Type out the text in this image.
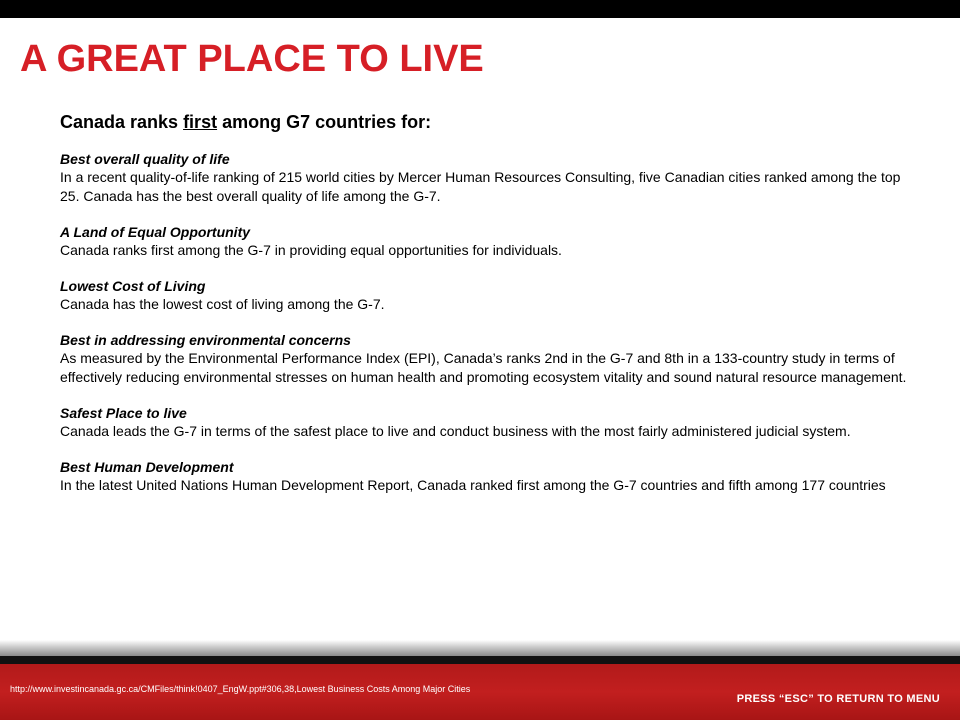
A GREAT PLACE TO LIVE

Canada ranks first among G7 countries for:

Best overall quality of life

In a recent quality-of-life ranking of 215 world cities by Mercer Human Resources Consulting, five Canadian cities ranked among the top 25. Canada has the best overall quality of life among the G-7.

A Land of Equal Opportunity

Canada ranks first among the G-7 in providing equal opportunities for individuals.

Lowest Cost of Living

Canada has the lowest cost of living among the G-7.

Best in addressing environmental concerns

As measured by the Environmental Performance Index (EPI), Canada’s ranks 2nd in the G-7 and 8th in a 133-country study in terms of effectively reducing environmental stresses on human health and promoting ecosystem vitality and sound natural resource management.

Safest Place to live

Canada leads the G-7 in terms of the safest place to live and conduct business with the most fairly administered judicial system.

Best Human Development

In the latest United Nations Human Development Report, Canada ranked first among the G-7 countries and fifth among 177 countries

http://www.investincanada.gc.ca/CMFiles/think!0407_EngW.ppt#306,38,Lowest Business Costs Among Major Cities
PRESS “ESC” TO RETURN TO MENU
